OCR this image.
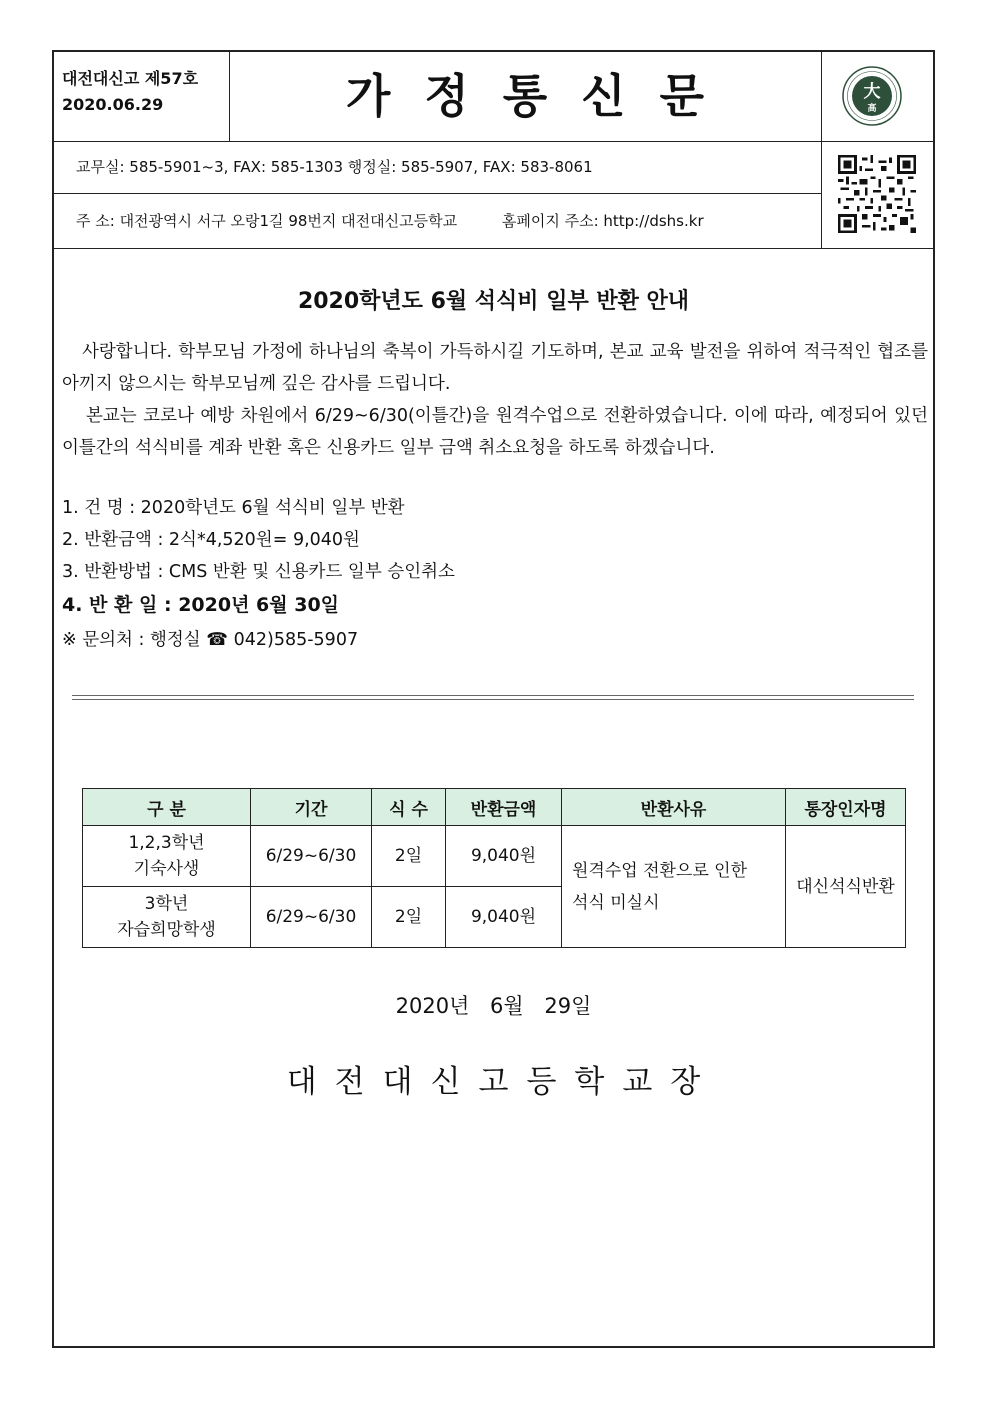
대전대신고 제57호
2020.06.29	가정통신문	大
高
교무실: 585-5901~3, FAX: 585-1303 행정실: 585-5907, FAX: 583-8061
주 소: 대전광역시 서구 오랑1길 98번지 대전대신고등학교	홈페이지 주소: http://dshs.kr
2020학년도 6월 석식비 일부 반환 안내
사랑합니다. 학부모님 가정에 하나님의 축복이 가득하시길 기도하며, 본교 교육 발전을 위하여 적극적인 협조를 아끼지 않으시는 학부모님께 깊은 감사를 드립니다.
본교는 코로나 예방 차원에서 6/29~6/30(이틀간)을 원격수업으로 전환하였습니다. 이에 따라, 예정되어 있던 이틀간의 석식비를 계좌 반환 혹은 신용카드 일부 금액 취소요청을 하도록 하겠습니다.
1. 건 명 : 2020학년도 6월 석식비 일부 반환
2. 반환금액 : 2식*4,520원= 9,040원
3. 반환방법 : CMS 반환 및 신용카드 일부 승인취소
4. 반 환 일 : 2020년 6월 30일
※ 문의처 : 행정실 ☎ 042)585-5907
구 분	기간	식 수	반환금액	반환사유	통장인자명
1,2,3학년
기숙사생	6/29~6/30	2일	9,040원	원격수업 전환으로 인한
석식 미실시	대신석식반환
3학년
자습희망학생	6/29~6/30	2일	9,040원		
2020년 6월 29일
대전대신고등학교장
